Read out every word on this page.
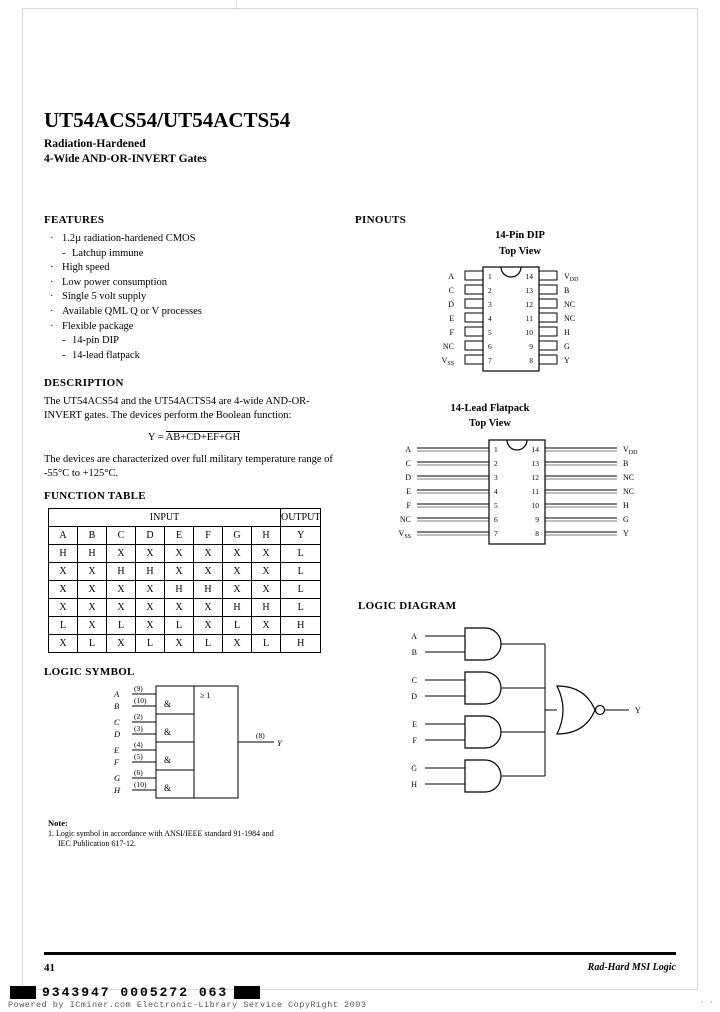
|
UT54ACS54/UT54ACTS54
Radiation-Hardened
4-Wide AND-OR-INVERT Gates
FEATURES
· 1.2µ radiation-hardened CMOS
- Latchup immune
· High speed
· Low power consumption
· Single 5 volt supply
· Available QML Q or V processes
· Flexible package
- 14-pin DIP
- 14-lead flatpack
DESCRIPTION
The UT54ACS54 and the UT54ACTS54 are 4-wide AND-OR-INVERT gates. The devices perform the Boolean function:
Y = AB+CD+EF+GH
The devices are characterized over full military temperature range of -55°C to +125°C.
FUNCTION TABLE
INPUT								OUTPUT
A	B	C	D	E	F	G	H	Y
H	H	X	X	X	X	X	X	L
X	X	H	H	X	X	X	X	L
X	X	X	X	H	H	X	X	L
X	X	X	X	X	X	H	H	L
L	X	L	X	L	X	L	X	H
X	L	X	L	X	L	X	L	H
LOGIC SYMBOL
&
&
&
&
≥ 1
A
B
C
D
E
F
G
H
(9)
(10)
(2)
(3)
(4)
(5)
(6)
(10)
(8)
Y
Note:
1. Logic symbol in accordance with ANSI/IEEE standard 91-1984 and
IEC Publication 617-12.
PINOUTS
14-Pin DIP
Top View
A
C
D
E
F
NC
$V_{SS}$
1
2
3
4
5
6
7
14
13
12
11
10
9
8
$V_{DD}$
B
NC
NC
H
G
Y
14-Lead Flatpack
Top View
A
C
D
E
F
NC
$V_{SS}$
1
2
3
4
5
6
7
14
13
12
11
10
9
8
$V_{DD}$
B
NC
NC
H
G
Y
LOGIC DIAGRAM
A
B
C
D
E
F
G
H
Y
41	Rad-Hard MSI Logic
9343947 0005272 063
Powered by ICminer.com Electronic-Library Service CopyRight 2003	· ·
